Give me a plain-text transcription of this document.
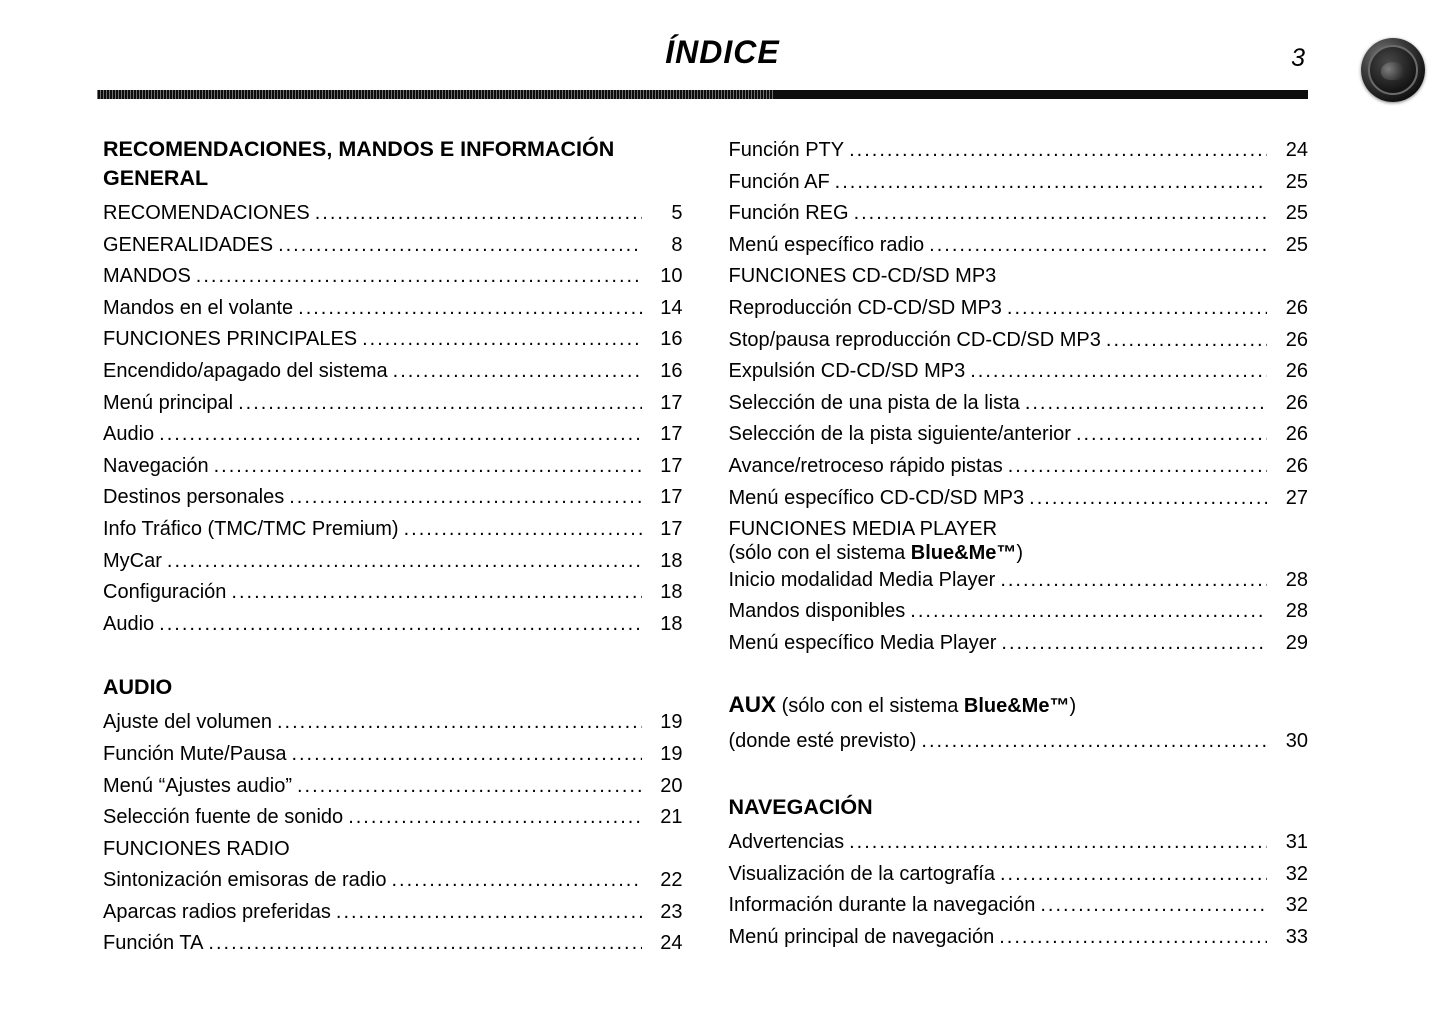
ÍNDICE	3
RECOMENDACIONES, MANDOS E INFORMACIÓN GENERAL
RECOMENDACIONES .....	5
GENERALIDADES .....	8
MANDOS .....	10
Mandos en el volante .....	14
FUNCIONES PRINCIPALES .....	16
Encendido/apagado del sistema .....	16
Menú principal .....	17
Audio .....	17
Navegación .....	17
Destinos personales .....	17
Info Tráfico (TMC/TMC Premium) .....	17
MyCar .....	18
Configuración .....	18
Audio .....	18
AUDIO
Ajuste del volumen .....	19
Función Mute/Pausa .....	19
Menú “Ajustes audio” .....	20
Selección fuente de sonido .....	21
FUNCIONES RADIO
Sintonización emisoras de radio .....	22
Aparcas radios preferidas .....	23
Función TA .....	24
Función PTY .....	24
Función AF .....	25
Función REG .....	25
Menú específico radio .....	25
FUNCIONES CD-CD/SD MP3
Reproducción CD-CD/SD MP3 .....	26
Stop/pausa reproducción CD-CD/SD MP3 .....	26
Expulsión CD-CD/SD MP3 .....	26
Selección de una pista de la lista .....	26
Selección de la pista siguiente/anterior .....	26
Avance/retroceso rápido pistas .....	26
Menú específico CD-CD/SD MP3 .....	27
FUNCIONES MEDIA PLAYER
(sólo con el sistema Blue&Me™)
Inicio modalidad Media Player .....	28
Mandos disponibles .....	28
Menú específico Media Player .....	29
AUX (sólo con el sistema Blue&Me™)
(donde esté previsto) .....	30
NAVEGACIÓN
Advertencias .....	31
Visualización de la cartografía .....	32
Información durante la navegación .....	32
Menú principal de navegación .....	33
